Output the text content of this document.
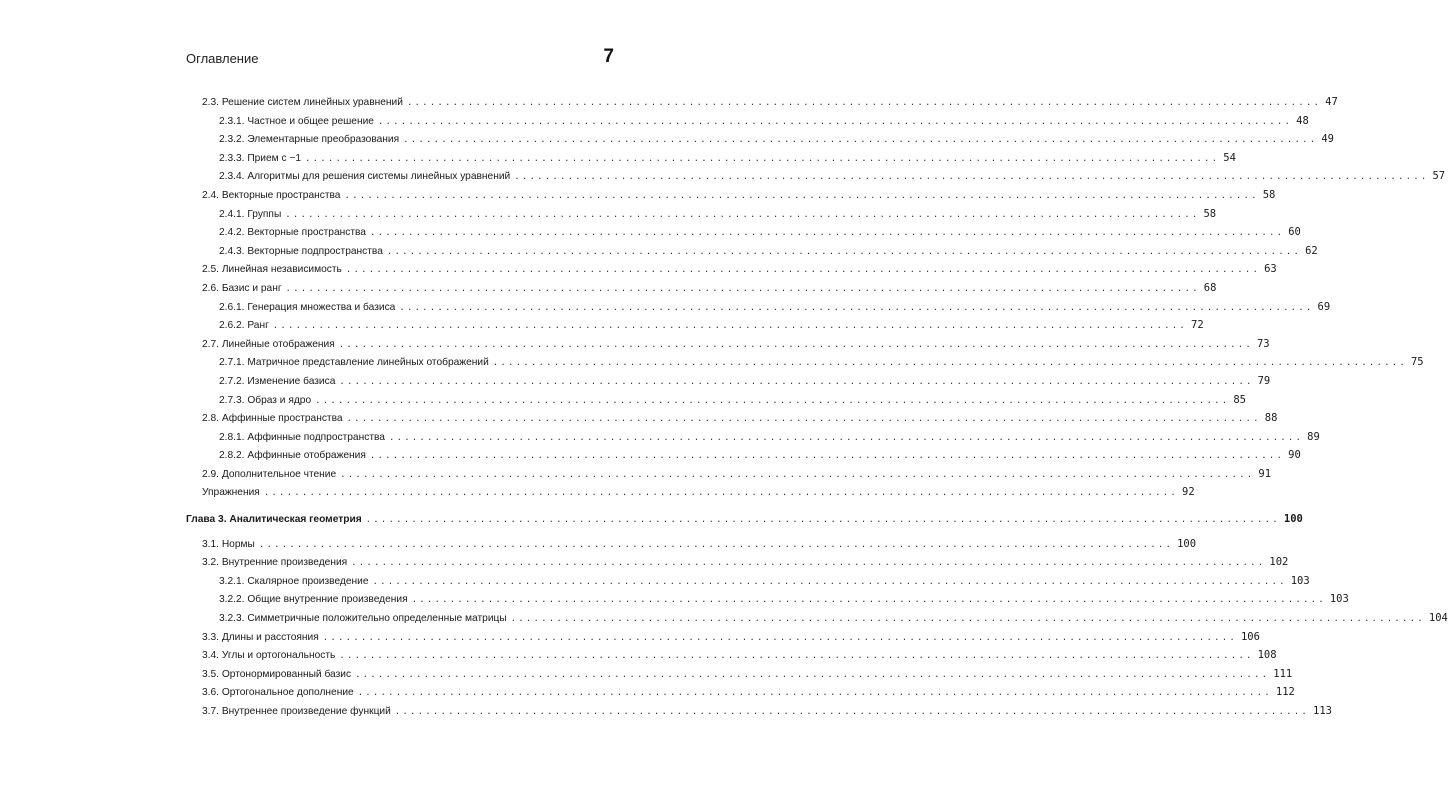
Оглавление	7
2.3. Решение систем линейных уравнений ........................................................................................................................ 47
2.3.1. Частное и общее решение ........................................................................................................................ 48
2.3.2. Элементарные преобразования ........................................................................................................................ 49
2.3.3. Прием с −1 ........................................................................................................................ 54
2.3.4. Алгоритмы для решения системы линейных уравнений ........................................................................................................................ 57
2.4. Векторные пространства ........................................................................................................................ 58
2.4.1. Группы ........................................................................................................................ 58
2.4.2. Векторные пространства ........................................................................................................................ 60
2.4.3. Векторные подпространства ........................................................................................................................ 62
2.5. Линейная независимость ........................................................................................................................ 63
2.6. Базис и ранг ........................................................................................................................ 68
2.6.1. Генерация множества и базиса ........................................................................................................................ 69
2.6.2. Ранг ........................................................................................................................ 72
2.7. Линейные отображения ........................................................................................................................ 73
2.7.1. Матричное представление линейных отображений ........................................................................................................................ 75
2.7.2. Изменение базиса ........................................................................................................................ 79
2.7.3. Образ и ядро ........................................................................................................................ 85
2.8. Аффинные пространства ........................................................................................................................ 88
2.8.1. Аффинные подпространства ........................................................................................................................ 89
2.8.2. Аффинные отображения ........................................................................................................................ 90
2.9. Дополнительное чтение ........................................................................................................................ 91
Упражнения ........................................................................................................................ 92
Глава 3. Аналитическая геометрия ........................................................................................................................ 100
3.1. Нормы ........................................................................................................................ 100
3.2. Внутренние произведения ........................................................................................................................ 102
3.2.1. Скалярное произведение ........................................................................................................................ 103
3.2.2. Общие внутренние произведения ........................................................................................................................ 103
3.2.3. Симметричные положительно определенные матрицы ........................................................................................................................ 104
3.3. Длины и расстояния ........................................................................................................................ 106
3.4. Углы и ортогональность ........................................................................................................................ 108
3.5. Ортонормированный базис ........................................................................................................................ 111
3.6. Ортогональное дополнение ........................................................................................................................ 112
3.7. Внутреннее произведение функций ........................................................................................................................ 113
